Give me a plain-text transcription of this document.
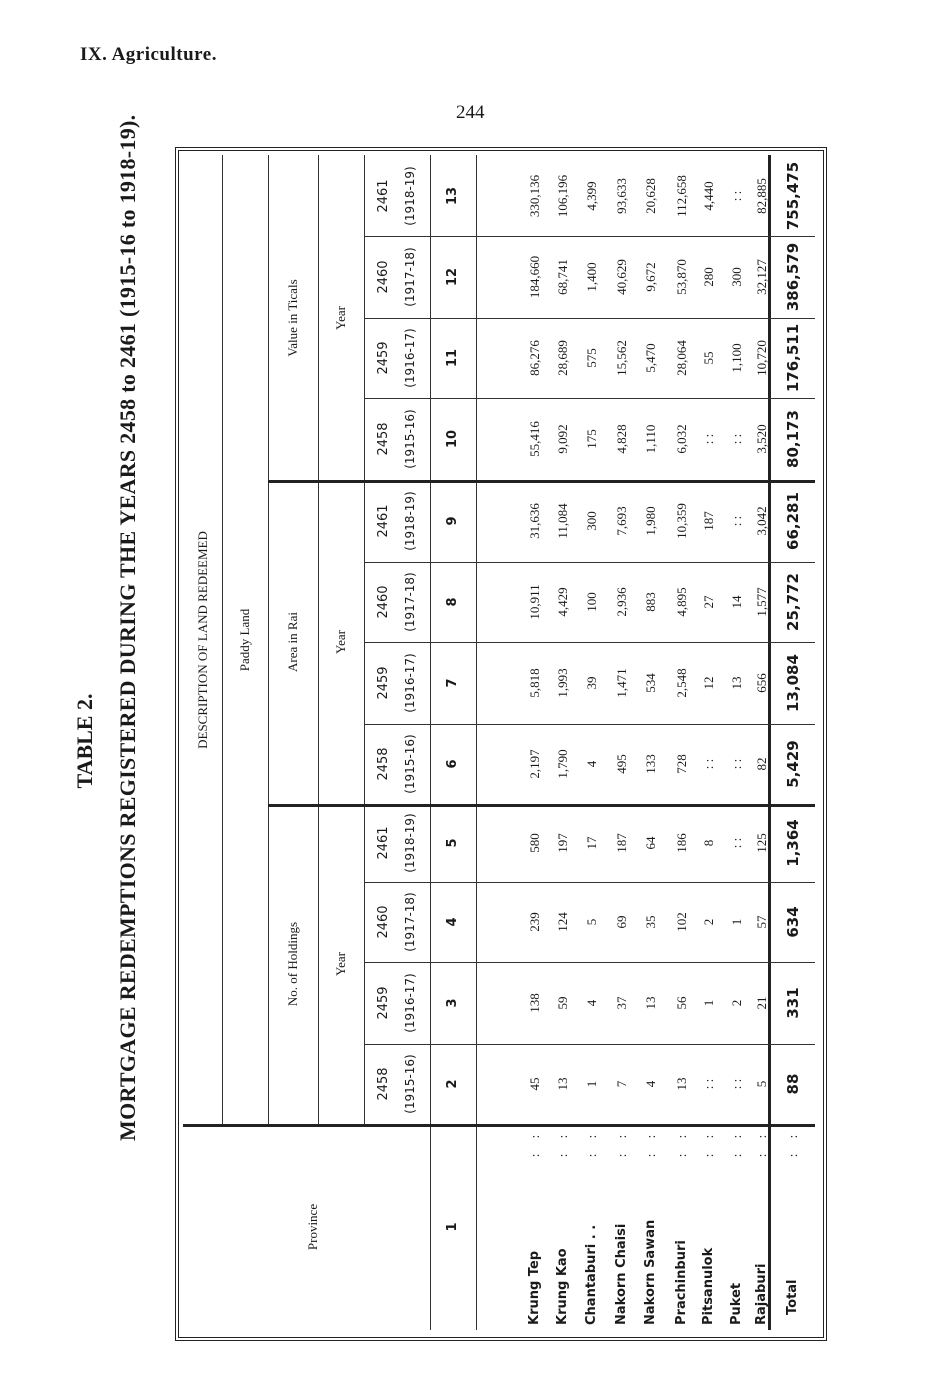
IX. Agriculture.
244
TABLE 2. MORTGAGE REDEMPTIONS REGISTERED DURING THE YEARS 2458 to 2461 (1915-16 to 1918-19).	DESCRIPTION OF LAND REDEEMED Paddy Land
Value in Ticals
Area in Rai
No. of Holdings
Year
Year
Year
Province
2458 (1915-16)
2459 (1916-17)
2460 (1917-18)
2461 (1918-19)
2458 (1915-16)
2459 (1916-17)
2460 (1917-18)
2461 (1918-19)
2458 (1915-16)
2459 (1916-17)
2460 (1917-18)
2461 (1918-19)
1
2
3
4
5
6
7
8
9
10
11
12
13
Krung Tep
: :
45
138
239
580
2,197
5,818
10,911
31,636
55,416
86,276
184,660
330,136
Krung Kao
: :
13
59
124
197
1,790
1,993
4,429
11,084
9,092
28,689
68,741
106,196
Chantaburi . .
: :
1
4
5
17
4
39
100
300
175
575
1,400
4,399
Nakorn Chaisi
: :
7
37
69
187
495
1,471
2,936
7,693
4,828
15,562
40,629
93,633
Nakorn Sawan
: :
4
13
35
64
133
534
883
1,980
1,110
5,470
9,672
20,628
Prachinburi
: :
13
56
102
186
728
2,548
4,895
10,359
6,032
28,064
53,870
112,658
Pitsanulok
: :
: :
1
2
8
: :
12
27
187
: :
55
280
4,440
Puket
: :
: :
2
1
: :
: :
13
14
: :
: :
1,100
300
: :
Rajaburi
: :
5
21
57
125
82
656
1,577
3,042
3,520
10,720
32,127
82,885
Total
: :
88
331
634
1,364
5,429
13,084
25,772
66,281
80,173
176,511
386,579
755,475
